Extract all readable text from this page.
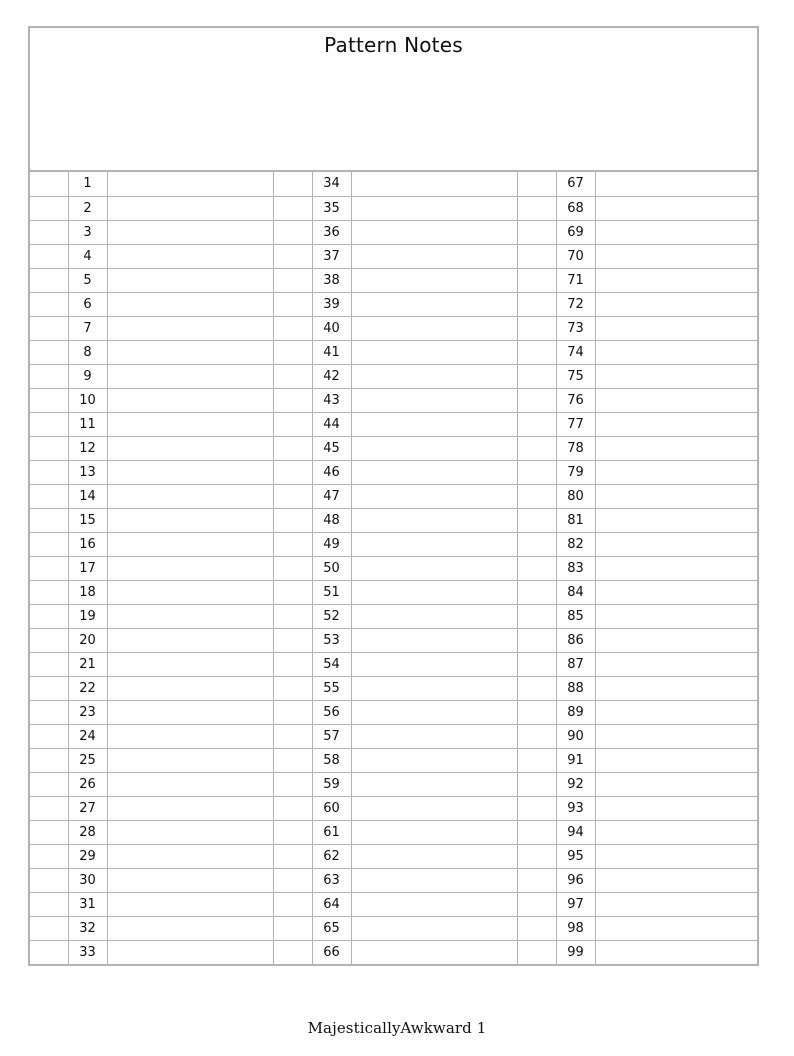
Pattern Notes
	1			34			67	
	2			35			68	
	3			36			69	
	4			37			70	
	5			38			71	
	6			39			72	
	7			40			73	
	8			41			74	
	9			42			75	
	10			43			76	
	11			44			77	
	12			45			78	
	13			46			79	
	14			47			80	
	15			48			81	
	16			49			82	
	17			50			83	
	18			51			84	
	19			52			85	
	20			53			86	
	21			54			87	
	22			55			88	
	23			56			89	
	24			57			90	
	25			58			91	
	26			59			92	
	27			60			93	
	28			61			94	
	29			62			95	
	30			63			96	
	31			64			97	
	32			65			98	
	33			66			99	
MajesticallyAwkward 1
